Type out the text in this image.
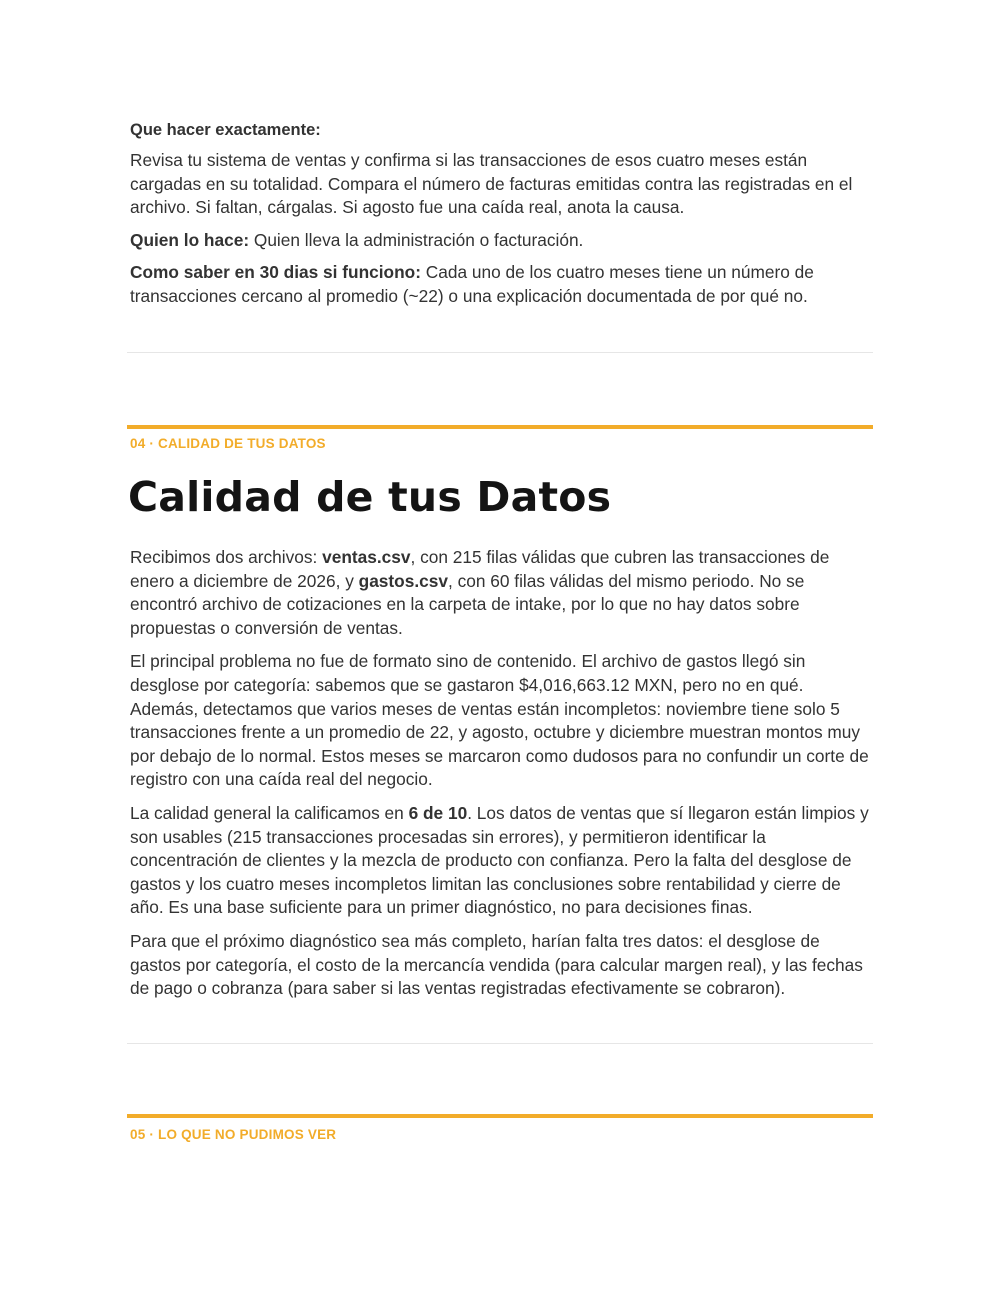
Que hacer exactamente:

Revisa tu sistema de ventas y confirma si las transacciones de esos cuatro meses están cargadas en su totalidad. Compara el número de facturas emitidas contra las registradas en el archivo. Si faltan, cárgalas. Si agosto fue una caída real, anota la causa.

Quien lo hace: Quien lleva la administración o facturación.

Como saber en 30 dias si funciono: Cada uno de los cuatro meses tiene un número de transacciones cercano al promedio (~22) o una explicación documentada de por qué no.

04 · CALIDAD DE TUS DATOS
Calidad de tus Datos

Recibimos dos archivos: ventas.csv, con 215 filas válidas que cubren las transacciones de enero a diciembre de 2026, y gastos.csv, con 60 filas válidas del mismo periodo. No se encontró archivo de cotizaciones en la carpeta de intake, por lo que no hay datos sobre propuestas o conversión de ventas.

El principal problema no fue de formato sino de contenido. El archivo de gastos llegó sin desglose por categoría: sabemos que se gastaron $4,016,663.12 MXN, pero no en qué. Además, detectamos que varios meses de ventas están incompletos: noviembre tiene solo 5 transacciones frente a un promedio de 22, y agosto, octubre y diciembre muestran montos muy por debajo de lo normal. Estos meses se marcaron como dudosos para no confundir un corte de registro con una caída real del negocio.

La calidad general la calificamos en 6 de 10. Los datos de ventas que sí llegaron están limpios y son usables (215 transacciones procesadas sin errores), y permitieron identificar la concentración de clientes y la mezcla de producto con confianza. Pero la falta del desglose de gastos y los cuatro meses incompletos limitan las conclusiones sobre rentabilidad y cierre de año. Es una base suficiente para un primer diagnóstico, no para decisiones finas.

Para que el próximo diagnóstico sea más completo, harían falta tres datos: el desglose de gastos por categoría, el costo de la mercancía vendida (para calcular margen real), y las fechas de pago o cobranza (para saber si las ventas registradas efectivamente se cobraron).

05 · LO QUE NO PUDIMOS VER
